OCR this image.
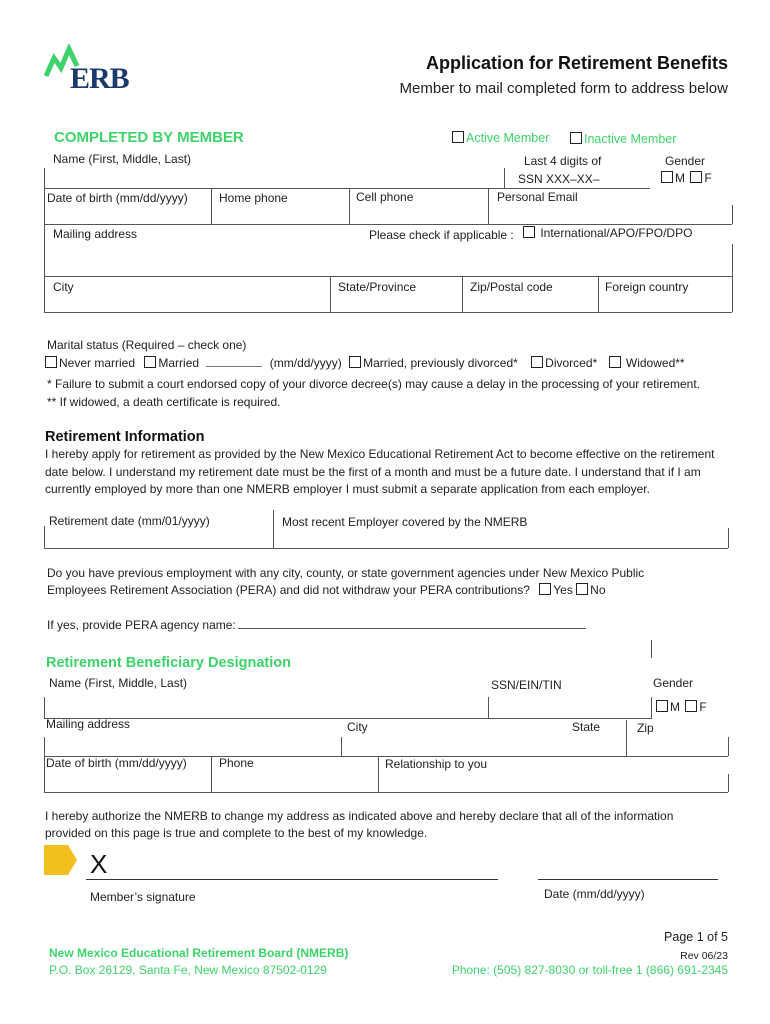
ERB	Application for Retirement Benefits
Member to mail completed form to address below
COMPLETED BY MEMBER	Active Member	Inactive Member
Name (First, Middle, Last)	Last 4 digits of
SSN XXX–XX–
Gender
M F
Date of birth (mm/dd/yyyy)	Home phone	Cell phone	Personal Email
Mailing address	Please check if applicable :	International/APO/FPO/DPO
City	State/Province	Zip/Postal code	Foreign country
Marital status (Required – check one)
Never married Married	(mm/dd/yyyy) Married, previously divorced* Divorced* Widowed**
* Failure to submit a court endorsed copy of your divorce decree(s) may cause a delay in the processing of your retirement.
** If widowed, a death certificate is required.
Retirement Information
I hereby apply for retirement as provided by the New Mexico Educational Retirement Act to become effective on the retirement date below. I understand my retirement date must be the first of a month and must be a future date. I understand that if I am currently employed by more than one NMERB employer I must submit a separate application from each employer.
Retirement date (mm/01/yyyy)	Most recent Employer covered by the NMERB
Do you have previous employment with any city, county, or state government agencies under New Mexico Public
Employees Retirement Association (PERA) and did not withdraw your PERA contributions? Yes No
If yes, provide PERA agency name:
Retirement Beneficiary Designation
Name (First, Middle, Last)	SSN/EIN/TIN	Gender
M F
Mailing address	City	State	Zip
Date of birth (mm/dd/yyyy)	Phone	Relationship to you
I hereby authorize the NMERB to change my address as indicated above and hereby declare that all of the information
provided on this page is true and complete to the best of my knowledge.
X
Member’s signature	Date (mm/dd/yyyy)
Page 1 of 5
Rev 06/23
New Mexico Educational Retirement Board (NMERB)
P.O. Box 26129, Santa Fe, New Mexico 87502-0129	Phone: (505) 827-8030 or toll-free 1 (866) 691-2345
